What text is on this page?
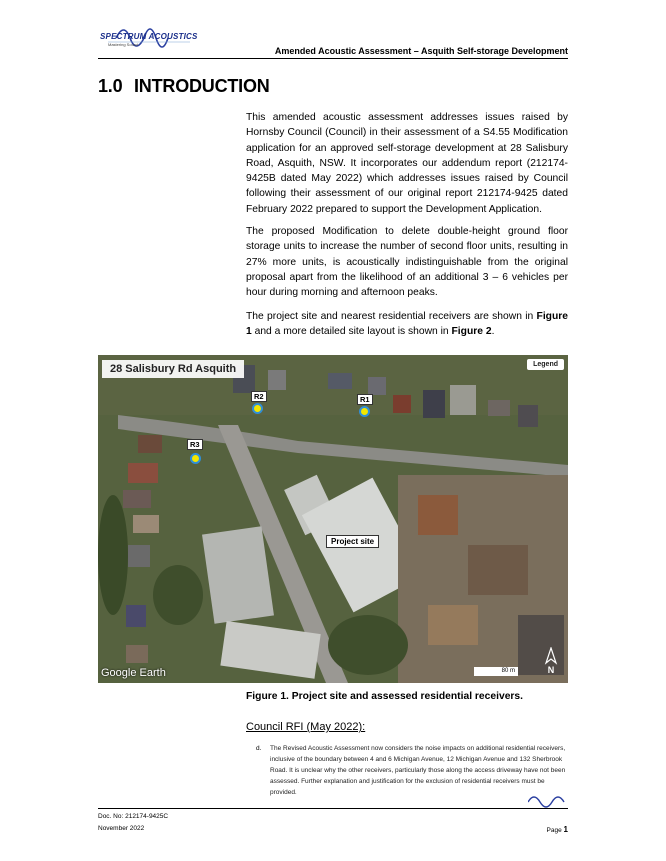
SPECTRUM ACOUSTICS
Mastering Sound
Amended Acoustic Assessment – Asquith Self-storage Development
1.0 INTRODUCTION

This amended acoustic assessment addresses issues raised by Hornsby Council (Council) in their assessment of a S4.55 Modification application for an approved self-storage development at 28 Salisbury Road, Asquith, NSW. It incorporates our addendum report (212174-9425B dated May 2022) which addresses issues raised by Council following their assessment of our original report 212174-9425 dated February 2022 prepared to support the Development Application.

The proposed Modification to delete double-height ground floor storage units to increase the number of second floor units, resulting in 27% more units, is acoustically indistinguishable from the original proposal apart from the likelihood of an additional 3 – 6 vehicles per hour during morning and afternoon peaks.

The project site and nearest residential receivers are shown in Figure 1 and a more detailed site layout is shown in Figure 2.

28 Salisbury Rd Asquith	Legend
R2	R1
R3
Project site
Google Earth	80 m	N
Figure 1. Project site and assessed residential receivers.
Council RFI (May 2022):
d. The Revised Acoustic Assessment now considers the noise impacts on additional residential receivers, inclusive of the boundary between 4 and 6 Michigan Avenue, 12 Michigan Avenue and 132 Sherbrook Road. It is unclear why the other receivers, particularly those along the access driveway have not been assessed. Further explanation and justification for the exclusion of residential receivers must be provided.
Doc. No: 212174-9425C
November 2022	Page 1
